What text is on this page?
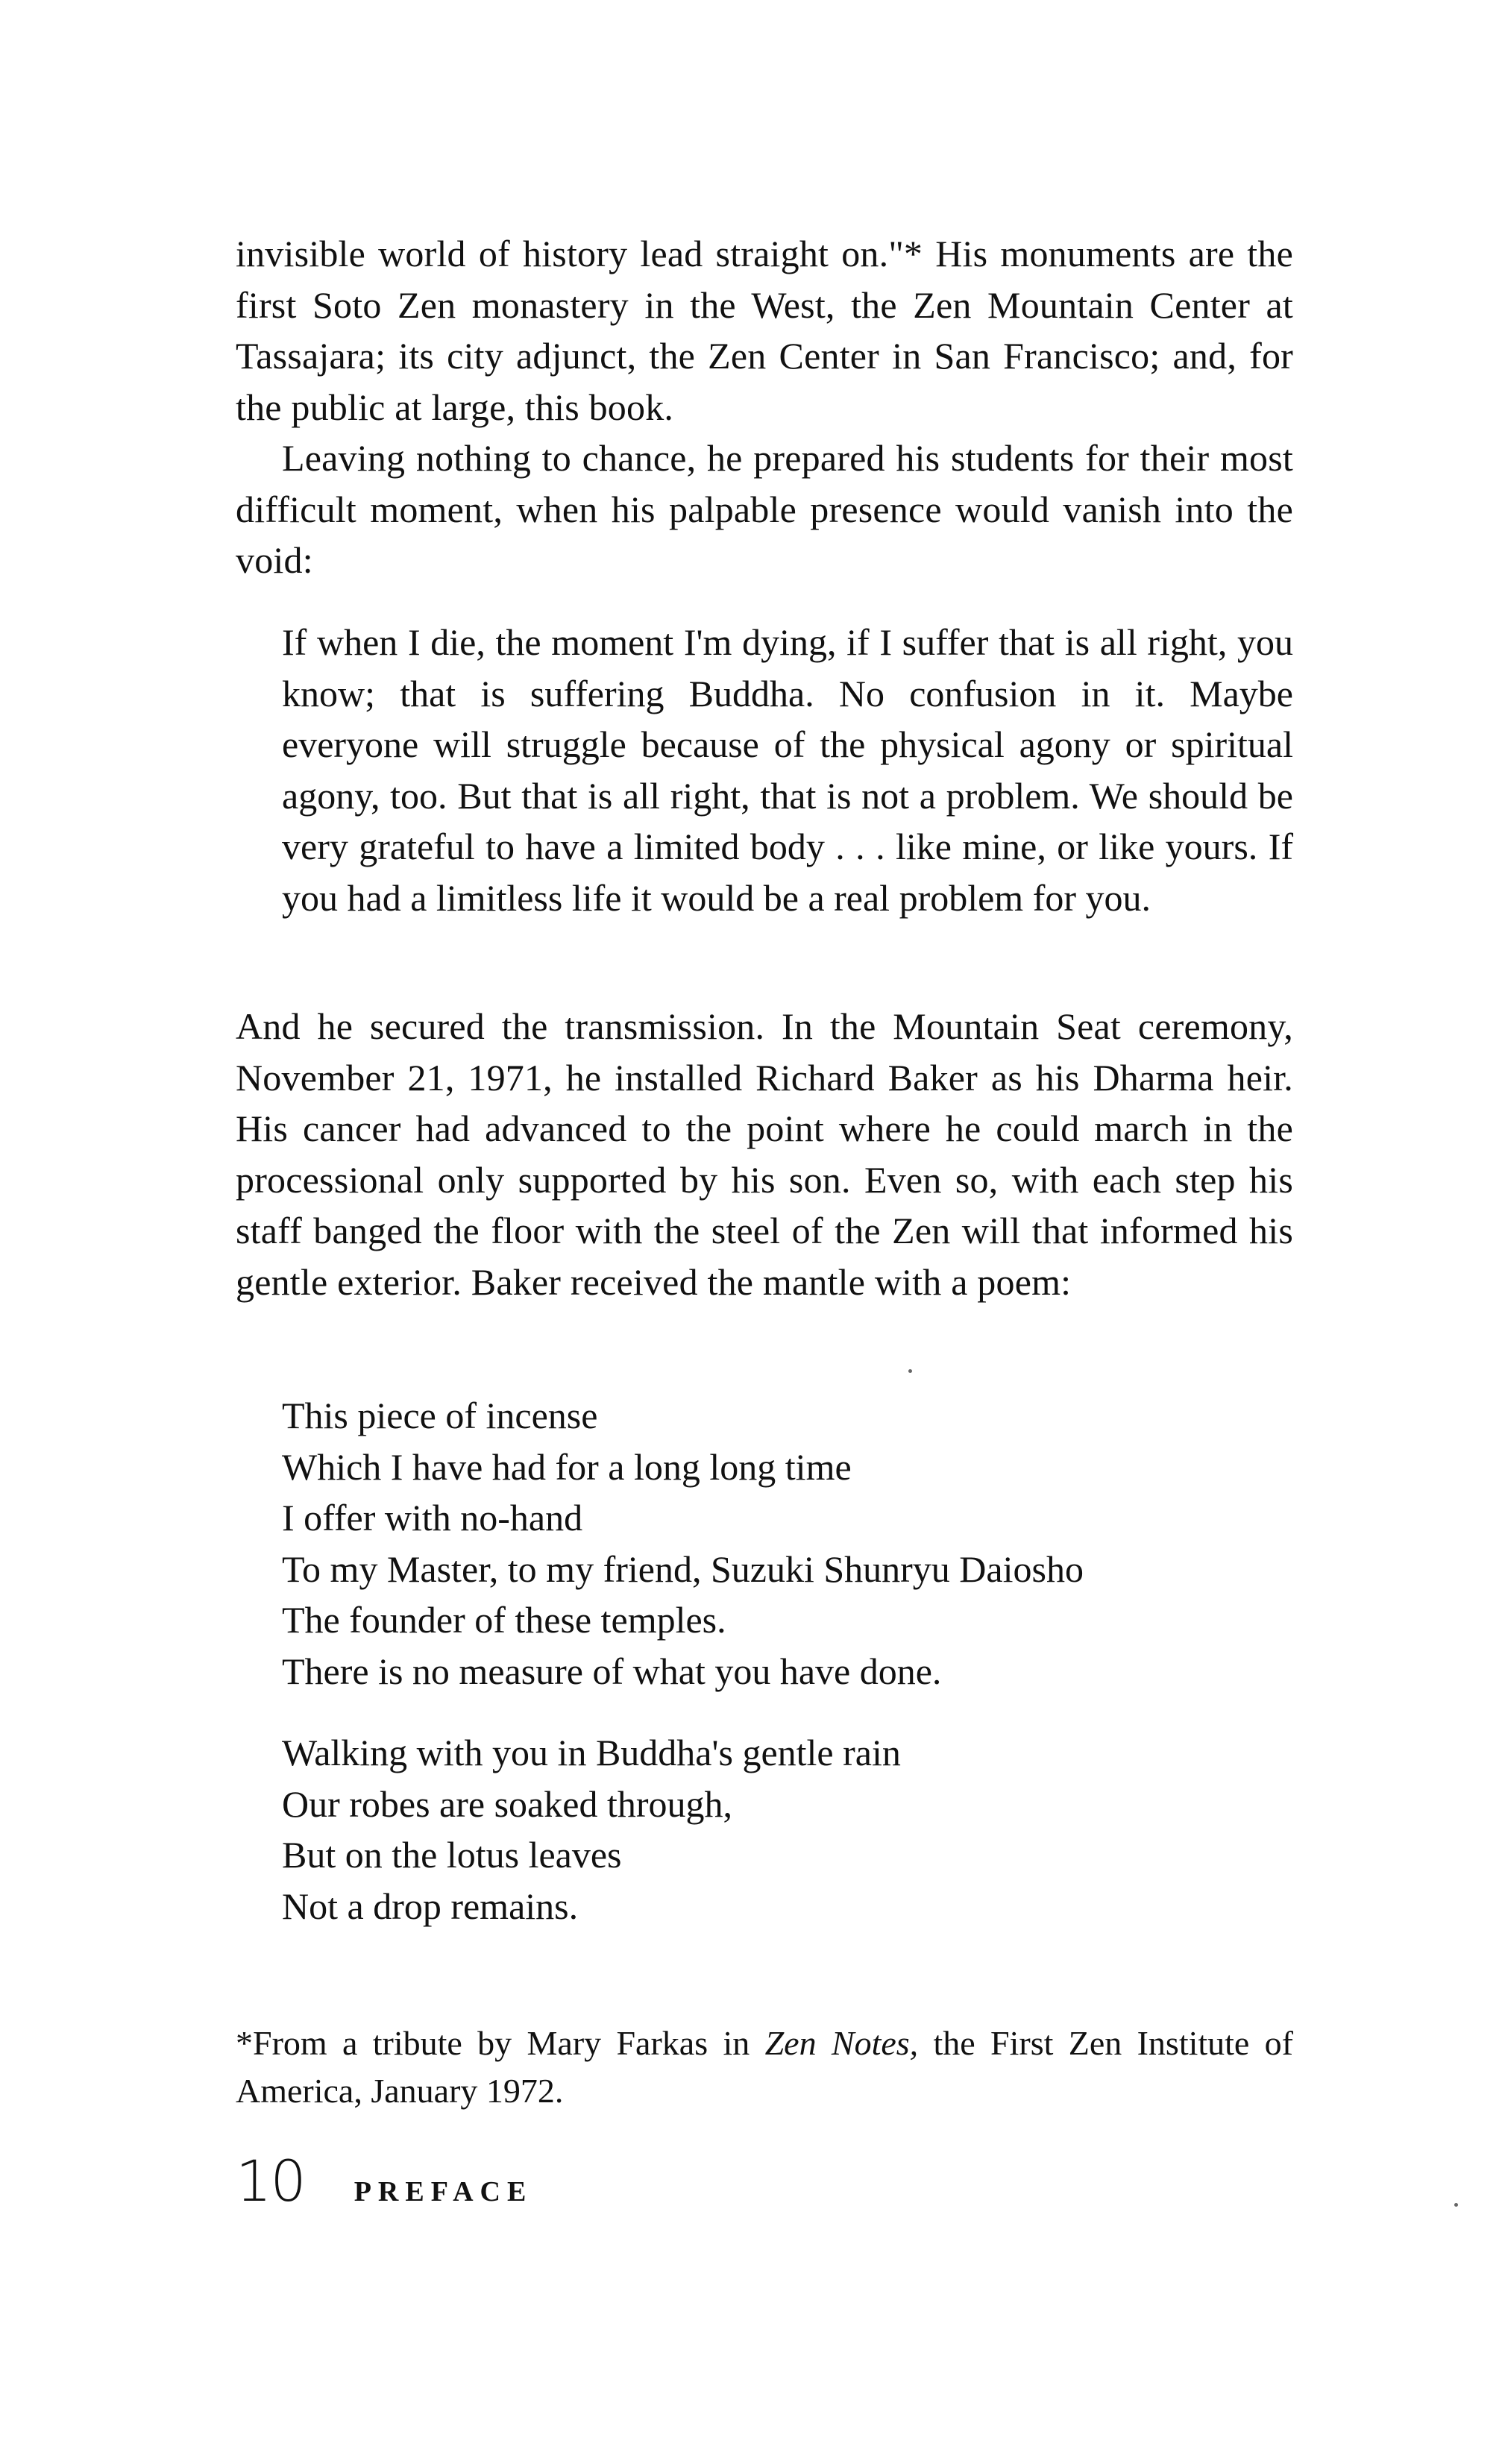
invisible world of history lead straight on."* His monuments are the first Soto Zen monastery in the West, the Zen Mountain Center at Tassajara; its city adjunct, the Zen Center in San Francisco; and, for the public at large, this book.

Leaving nothing to chance, he prepared his students for their most difficult moment, when his palpable presence would vanish into the void:

If when I die, the moment I'm dying, if I suffer that is all right, you know; that is suffering Buddha. No confusion in it. Maybe everyone will struggle because of the physical agony or spiritual agony, too. But that is all right, that is not a problem. We should be very grateful to have a limited body . . . like mine, or like yours. If you had a limitless life it would be a real problem for you.

And he secured the transmission. In the Mountain Seat ceremony, November 21, 1971, he installed Richard Baker as his Dharma heir. His cancer had advanced to the point where he could march in the processional only supported by his son. Even so, with each step his staff banged the floor with the steel of the Zen will that informed his gentle exterior. Baker received the mantle with a poem:

This piece of incense
Which I have had for a long long time
I offer with no-hand
To my Master, to my friend, Suzuki Shunryu Daiosho
The founder of these temples.
There is no measure of what you have done.
Walking with you in Buddha's gentle rain
Our robes are soaked through,
But on the lotus leaves
Not a drop remains.
*From a tribute by Mary Farkas in Zen Notes, the First Zen Institute of America, January 1972.
10 PREFACE
